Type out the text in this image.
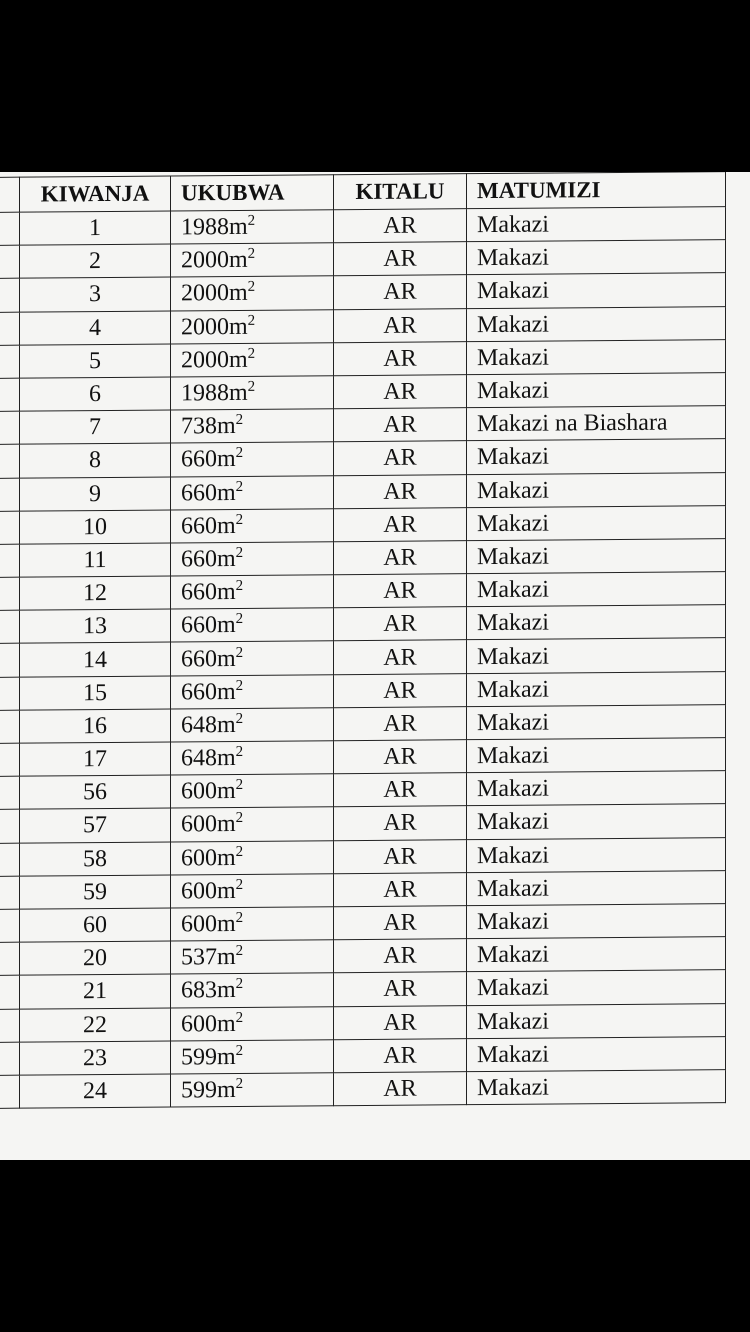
	KIWANJA	UKUBWA	KITALU	MATUMIZI
	1	$1988m^2$	AR	Makazi
	2	$2000m^2$	AR	Makazi
	3	$2000m^2$	AR	Makazi
	4	$2000m^2$	AR	Makazi
	5	$2000m^2$	AR	Makazi
	6	$1988m^2$	AR	Makazi
	7	$738m^2$	AR	Makazi na Biashara
	8	$660m^2$	AR	Makazi
	9	$660m^2$	AR	Makazi
	10	$660m^2$	AR	Makazi
	11	$660m^2$	AR	Makazi
	12	$660m^2$	AR	Makazi
	13	$660m^2$	AR	Makazi
	14	$660m^2$	AR	Makazi
	15	$660m^2$	AR	Makazi
	16	$648m^2$	AR	Makazi
	17	$648m^2$	AR	Makazi
	56	$600m^2$	AR	Makazi
	57	$600m^2$	AR	Makazi
	58	$600m^2$	AR	Makazi
	59	$600m^2$	AR	Makazi
	60	$600m^2$	AR	Makazi
	20	$537m^2$	AR	Makazi
	21	$683m^2$	AR	Makazi
	22	$600m^2$	AR	Makazi
	23	$599m^2$	AR	Makazi
	24	$599m^2$	AR	Makazi
